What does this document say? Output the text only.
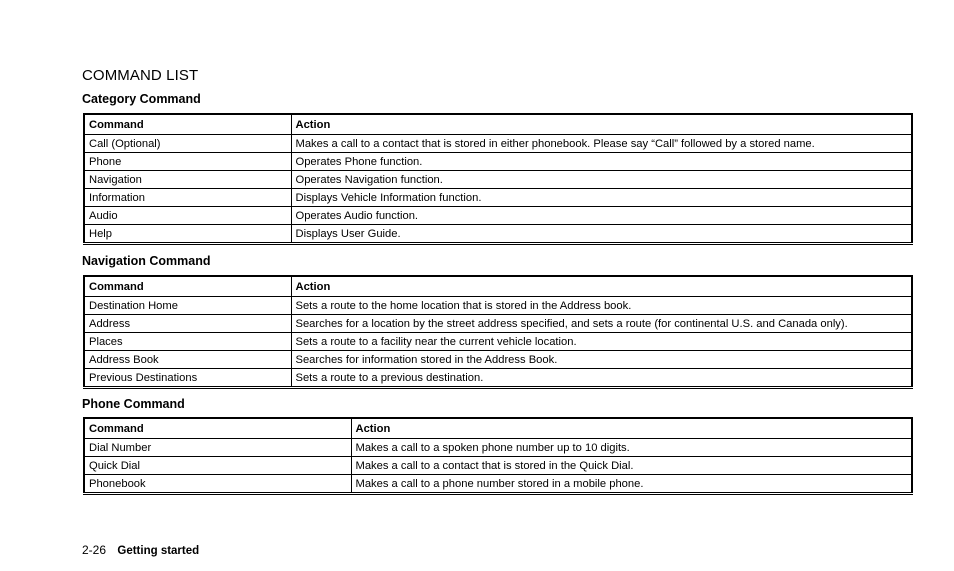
COMMAND LIST
Category Command
Command	Action
Call (Optional)	Makes a call to a contact that is stored in either phonebook. Please say “Call” followed by a stored name.
Phone	Operates Phone function.
Navigation	Operates Navigation function.
Information	Displays Vehicle Information function.
Audio	Operates Audio function.
Help	Displays User Guide.
Navigation Command
Command	Action
Destination Home	Sets a route to the home location that is stored in the Address book.
Address	Searches for a location by the street address specified, and sets a route (for continental U.S. and Canada only).
Places	Sets a route to a facility near the current vehicle location.
Address Book	Searches for information stored in the Address Book.
Previous Destinations	Sets a route to a previous destination.
Phone Command
Command	Action
Dial Number	Makes a call to a spoken phone number up to 10 digits.
Quick Dial	Makes a call to a contact that is stored in the Quick Dial.
Phonebook	Makes a call to a phone number stored in a mobile phone.
2-26 Getting started
